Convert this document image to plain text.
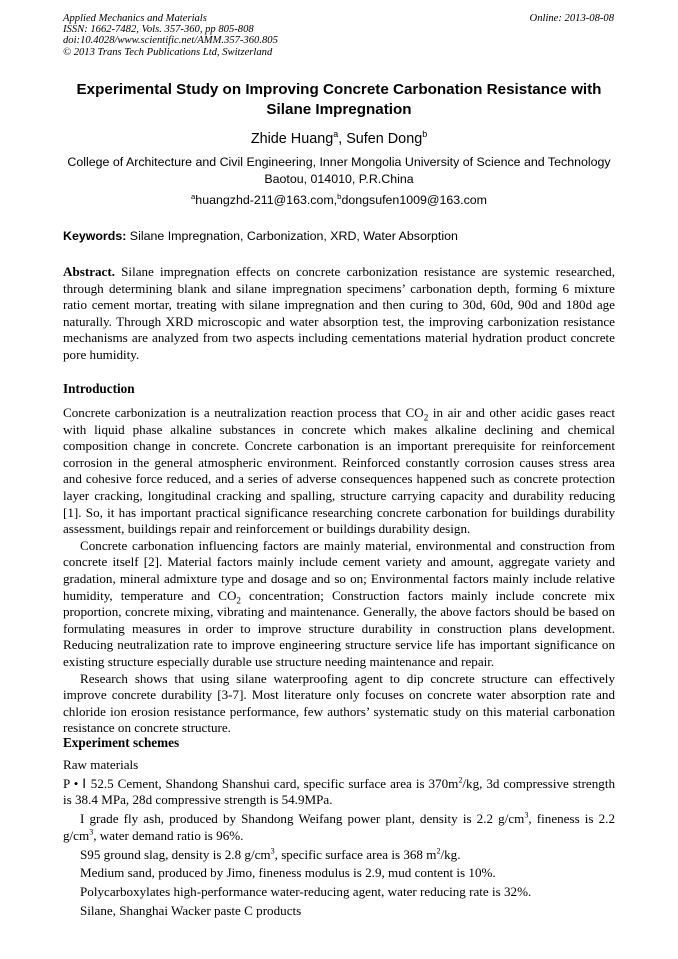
Applied Mechanics and Materials
ISSN: 1662-7482, Vols. 357-360, pp 805-808
doi:10.4028/www.scientific.net/AMM.357-360.805
© 2013 Trans Tech Publications Ltd, Switzerland
Online: 2013-08-08
Experimental Study on Improving Concrete Carbonation Resistance with Silane Impregnation
Zhide Huang$^a$, Sufen Dong$^b$
College of Architecture and Civil Engineering, Inner Mongolia University of Science and Technology
Baotou, 014010, P.R.China
$^a$huangzhd-211@163.com,$^b$dongsufen1009@163.com
Keywords: Silane Impregnation, Carbonization, XRD, Water Absorption

Abstract. Silane impregnation effects on concrete carbonization resistance are systemic researched, through determining blank and silane impregnation specimens’ carbonation depth, forming 6 mixture ratio cement mortar, treating with silane impregnation and then curing to 30d, 60d, 90d and 180d age naturally. Through XRD microscopic and water absorption test, the improving carbonization resistance mechanisms are analyzed from two aspects including cementations material hydration product concrete pore humidity.

Introduction

Concrete carbonization is a neutralization reaction process that $CO_2$ in air and other acidic gases react with liquid phase alkaline substances in concrete which makes alkaline declining and chemical composition change in concrete. Concrete carbonation is an important prerequisite for reinforcement corrosion in the general atmospheric environment. Reinforced constantly corrosion causes stress area and cohesive force reduced, and a series of adverse consequences happened such as concrete protection layer cracking, longitudinal cracking and spalling, structure carrying capacity and durability reducing [1]. So, it has important practical significance researching concrete carbonation for buildings durability assessment, buildings repair and reinforcement or buildings durability design.

Concrete carbonation influencing factors are mainly material, environmental and construction from concrete itself [2]. Material factors mainly include cement variety and amount, aggregate variety and gradation, mineral admixture type and dosage and so on; Environmental factors mainly include relative humidity, temperature and $CO_2$ concentration; Construction factors mainly include concrete mix proportion, concrete mixing, vibrating and maintenance. Generally, the above factors should be based on formulating measures in order to improve structure durability in construction plans development. Reducing neutralization rate to improve engineering structure service life has important significance on existing structure especially durable use structure needing maintenance and repair.

Research shows that using silane waterproofing agent to dip concrete structure can effectively improve concrete durability [3-7]. Most literature only focuses on concrete water absorption rate and chloride ion erosion resistance performance, few authors’ systematic study on this material carbonation resistance on concrete structure.

Experiment schemes

Raw materials

P • Ⅰ 52.5 Cement, Shandong Shanshui card, specific surface area is $370m^2/kg$, 3d compressive strength is 38.4 MPa, 28d compressive strength is 54.9MPa.

I grade fly ash, produced by Shandong Weifang power plant, density is 2.2 $g/cm^3$, fineness is 2.2 $g/cm^3$, water demand ratio is 96%.

S95 ground slag, density is 2.8 $g/cm^3$, specific surface area is 368 $m^2/kg$.

Medium sand, produced by Jimo, fineness modulus is 2.9, mud content is 10%.

Polycarboxylates high-performance water-reducing agent, water reducing rate is 32%.

Silane, Shanghai Wacker paste C products
